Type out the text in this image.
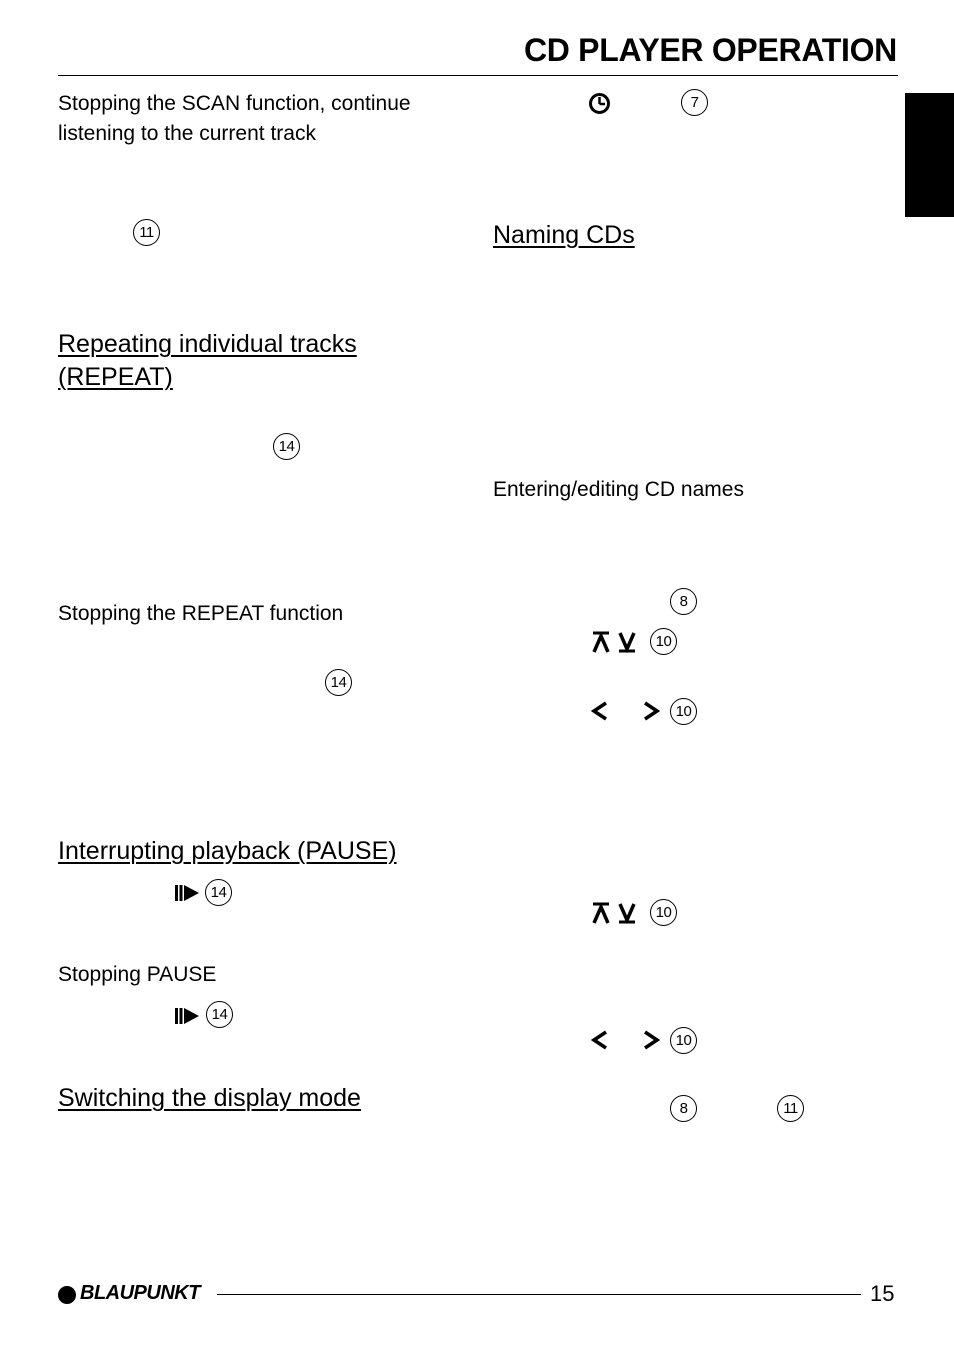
CD PLAYER OPERATION
Stopping the SCAN function, continue listening to the current track
11
Repeating individual tracks (REPEAT)
14
Stopping the REPEAT function
14
Interrupting playback (PAUSE)
14
Stopping PAUSE
14
Switching the display mode
7
Naming CDs
Entering/editing CD names
8
10
10
10
10
8	11
BLAUPUNKT	15
